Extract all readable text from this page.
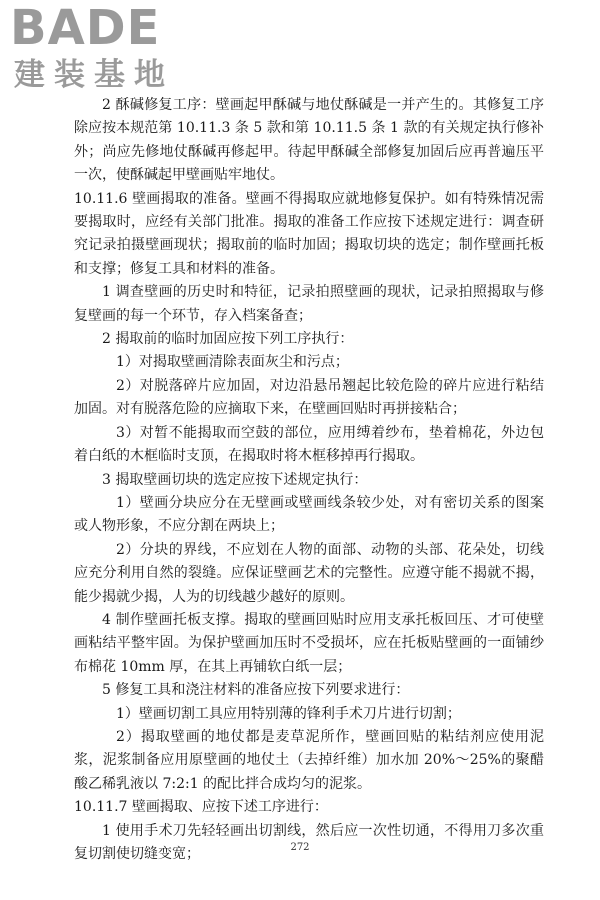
BADE
建装基地

2 酥碱修复工序：壁画起甲酥碱与地仗酥碱是一并产生的。其修复工序除应按本规范第 10.11.3 条 5 款和第 10.11.5 条 1 款的有关规定执行修补外；尚应先修地仗酥碱再修起甲。待起甲酥碱全部修复加固后应再普遍压平一次，使酥碱起甲壁画贴牢地仗。

10.11.6 壁画揭取的准备。壁画不得揭取应就地修复保护。如有特殊情况需要揭取时，应经有关部门批准。揭取的准备工作应按下述规定进行：调查研究记录拍摄壁画现状；揭取前的临时加固；揭取切块的选定；制作壁画托板和支撑；修复工具和材料的准备。

1 调查壁画的历史时和特征，记录拍照壁画的现状，记录拍照揭取与修复壁画的每一个环节，存入档案备查；

2 揭取前的临时加固应按下列工序执行：

1）对揭取壁画清除表面灰尘和污点；

2）对脱落碎片应加固，对边沿悬吊翘起比较危险的碎片应进行粘结加固。对有脱落危险的应摘取下来，在壁画回贴时再拼接粘合；

3）对暂不能揭取而空鼓的部位，应用缚着纱布，垫着棉花，外边包着白纸的木框临时支顶，在揭取时将木框移掉再行揭取。

3 揭取壁画切块的选定应按下述规定执行：

1）壁画分块应分在无壁画或壁画线条较少处，对有密切关系的图案或人物形象，不应分割在两块上；

2）分块的界线，不应划在人物的面部、动物的头部、花朵处，切线应充分利用自然的裂缝。应保证壁画艺术的完整性。应遵守能不揭就不揭，能少揭就少揭，人为的切线越少越好的原则。

4 制作壁画托板支撑。揭取的壁画回贴时应用支承托板回压、才可使壁画粘结平整牢固。为保护壁画加压时不受损坏，应在托板贴壁画的一面铺纱布棉花 10mm 厚，在其上再铺软白纸一层；

5 修复工具和浇注材料的准备应按下列要求进行：

1）壁画切割工具应用特别薄的锋利手术刀片进行切割；

2）揭取壁画的地仗都是麦草泥所作，壁画回贴的粘结剂应使用泥浆，泥浆制备应用原壁画的地仗土（去掉纤维）加水加 20%～25%的聚醋酸乙稀乳液以 7:2:1 的配比拌合成均匀的泥浆。

10.11.7 壁画揭取、应按下述工序进行：

1 使用手术刀先轻轻画出切割线，然后应一次性切通，不得用刀多次重复切割使切缝变宽；	272
